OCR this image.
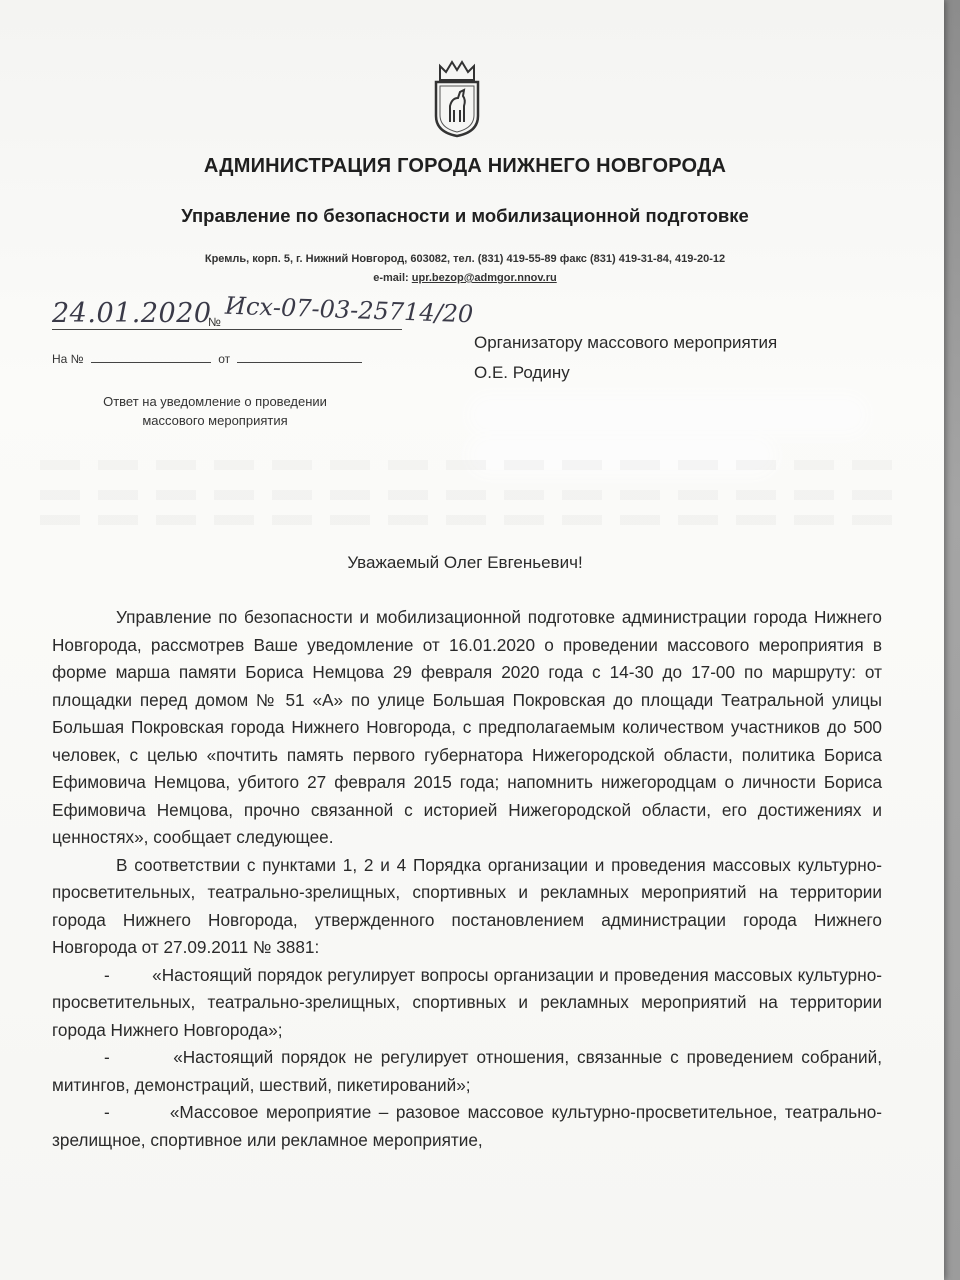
АДМИНИСТРАЦИЯ ГОРОДА НИЖНЕГО НОВГОРОДА
Управление по безопасности и мобилизационной подготовке
Кремль, корп. 5, г. Нижний Новгород, 603082, тел. (831) 419-55-89 факс (831) 419-31-84, 419-20-12
e-mail: upr.bezop@admgor.nnov.ru
24.01.2020
№ Исх-07-03-25714/20
На №	от
Ответ на уведомление о проведении
массового мероприятия
Организатору массового мероприятия
О.Е. Родину
Уважаемый Олег Евгеньевич!

Управление по безопасности и мобилизационной подготовке администрации города Нижнего Новгорода, рассмотрев Ваше уведомление от 16.01.2020 о проведении массового мероприятия в форме марша памяти Бориса Немцова 29 февраля 2020 года с 14-30 до 17-00 по маршруту: от площадки перед домом № 51 «А» по улице Большая Покровская до площади Театральной улицы Большая Покровская города Нижнего Новгорода, с предполагаемым количеством участников до 500 человек, с целью «почтить память первого губернатора Нижегородской области, политика Бориса Ефимовича Немцова, убитого 27 февраля 2015 года; напомнить нижегородцам о личности Бориса Ефимовича Немцова, прочно связанной с историей Нижегородской области, его достижениях и ценностях», сообщает следующее.

В соответствии с пунктами 1, 2 и 4 Порядка организации и проведения массовых культурно-просветительных, театрально-зрелищных, спортивных и рекламных мероприятий на территории города Нижнего Новгорода, утвержденного постановлением администрации города Нижнего Новгорода от 27.09.2011 № 3881:

-        «Настоящий порядок регулирует вопросы организации и проведения массовых культурно-просветительных, театрально-зрелищных, спортивных и рекламных мероприятий на территории города Нижнего Новгорода»;

-        «Настоящий порядок не регулирует отношения, связанные с проведением собраний, митингов, демонстраций, шествий, пикетирований»;

-        «Массовое мероприятие – разовое массовое культурно-просветительное, театрально-зрелищное, спортивное или рекламное мероприятие,
